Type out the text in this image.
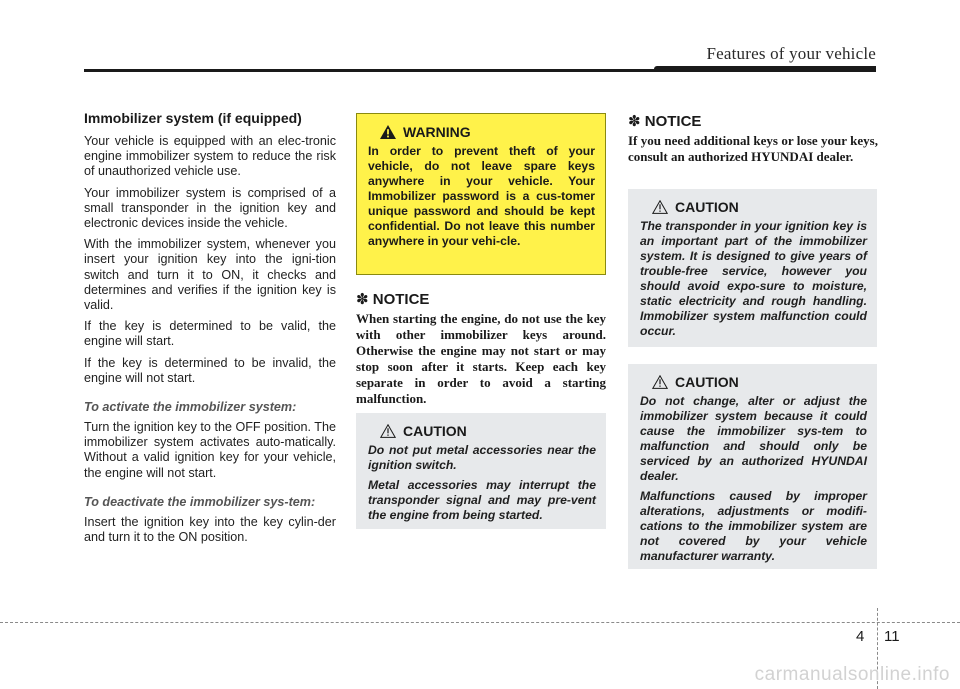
Features of your vehicle
Immobilizer system (if equipped)

Your vehicle is equipped with an elec-tronic engine immobilizer system to reduce the risk of unauthorized vehicle use.

Your immobilizer system is comprised of a small transponder in the ignition key and electronic devices inside the vehicle.

With the immobilizer system, whenever you insert your ignition key into the igni-tion switch and turn it to ON, it checks and determines and verifies if the ignition key is valid.

If the key is determined to be valid, the engine will start.

If the key is determined to be invalid, the engine will not start.

To activate the immobilizer system:

Turn the ignition key to the OFF position. The immobilizer system activates auto-matically. Without a valid ignition key for your vehicle, the engine will not start.

To deactivate the immobilizer sys-tem:

Insert the ignition key into the key cylin-der and turn it to the ON position.

WARNING

In order to prevent theft of your vehicle, do not leave spare keys anywhere in your vehicle. Your Immobilizer password is a cus-tomer unique password and should be kept confidential. Do not leave this number anywhere in your vehi-cle.

✽ NOTICE
When starting the engine, do not use the key with other immobilizer keys around. Otherwise the engine may not start or may stop soon after it starts. Keep each key separate in order to avoid a starting malfunction.
CAUTION

Do not put metal accessories near the ignition switch.

Metal accessories may interrupt the transponder signal and may pre-vent the engine from being started.

✽ NOTICE
If you need additional keys or lose your keys, consult an authorized HYUNDAI dealer.
CAUTION

The transponder in your ignition key is an important part of the immobilizer system. It is designed to give years of trouble-free service, however you should avoid expo-sure to moisture, static electricity and rough handling. Immobilizer system malfunction could occur.

CAUTION

Do not change, alter or adjust the immobilizer system because it could cause the immobilizer sys-tem to malfunction and should only be serviced by an authorized HYUNDAI dealer.

Malfunctions caused by improper alterations, adjustments or modifi-cations to the immobilizer system are not covered by your vehicle manufacturer warranty.

4 11
carmanualsonline.info
